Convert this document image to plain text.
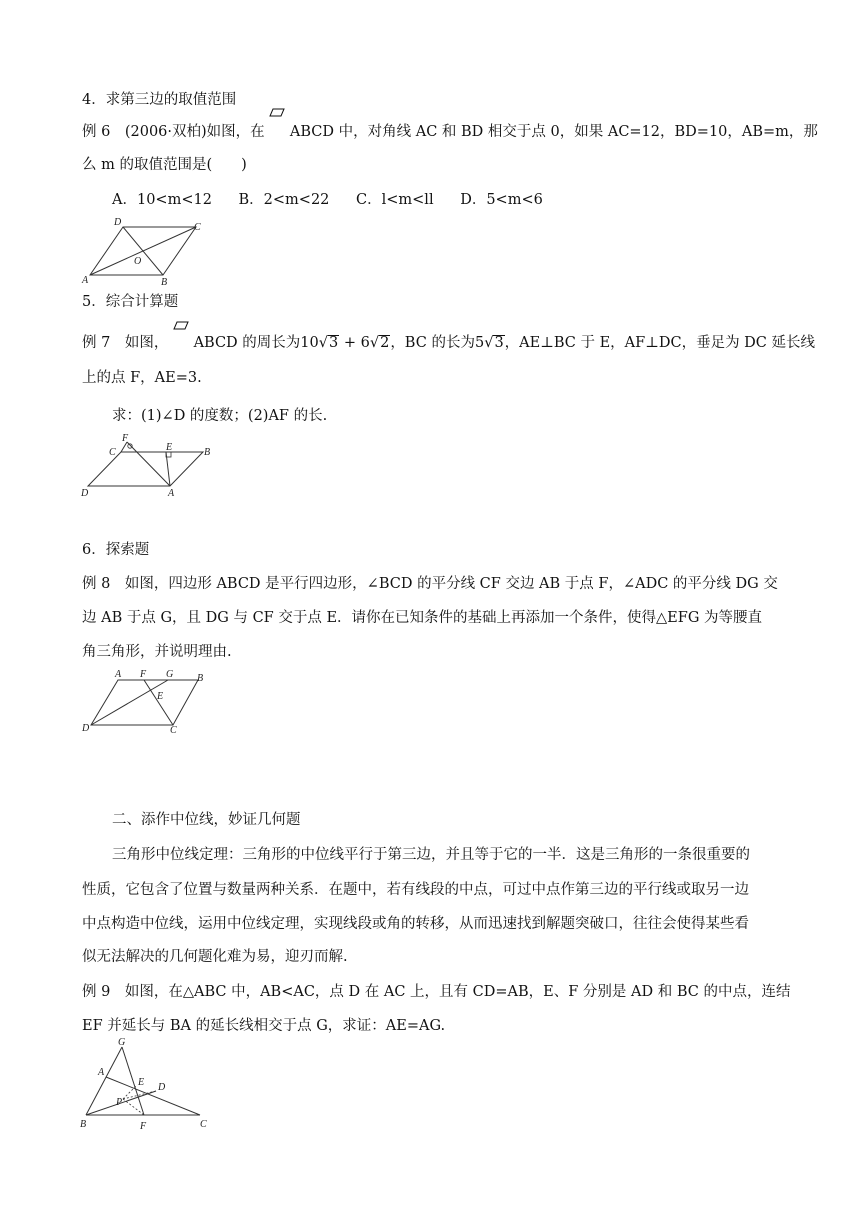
4．求第三边的取值范围
例 6　(2006·双柏)如图，在 ABCD 中，对角线 AC 和 BD 相交于点 0，如果 AC=12，BD=10，AB=m，那
么 m 的取值范围是(　　)
A．10<m<12 B．2<m<22 C．l<m<ll D．5<m<6
D	C
A	B
O
5．综合计算题
例 7　如图， ABCD 的周长为10√3 + 6√2，BC 的长为5√3，AE⊥BC 于 E，AF⊥DC，垂足为 DC 延长线
上的点 F，AE=3.
求：(1)∠D 的度数；(2)AF 的长.
F
C	E	B
D	A
6．探索题
例 8　如图，四边形 ABCD 是平行四边形，∠BCD 的平分线 CF 交边 AB 于点 F，∠ADC 的平分线 DG 交
边 AB 于点 G，且 DG 与 CF 交于点 E．请你在已知条件的基础上再添加一个条件，使得△EFG 为等腰直
角三角形，并说明理由.
A F G B
E
D	C
二、添作中位线，妙证几何题
三角形中位线定理：三角形的中位线平行于第三边，并且等于它的一半．这是三角形的一条很重要的
性质，它包含了位置与数量两种关系．在题中，若有线段的中点，可过中点作第三边的平行线或取另一边
中点构造中位线，运用中位线定理，实现线段或角的转移，从而迅速找到解题突破口，往往会使得某些看
似无法解决的几何题化难为易，迎刃而解.
例 9　如图，在△ABC 中，AB<AC，点 D 在 AC 上，且有 CD=AB，E、F 分别是 AD 和 BC 的中点，连结
EF 并延长与 BA 的延长线相交于点 G，求证：AE=AG.
G
A
E D
P
B	F	C
